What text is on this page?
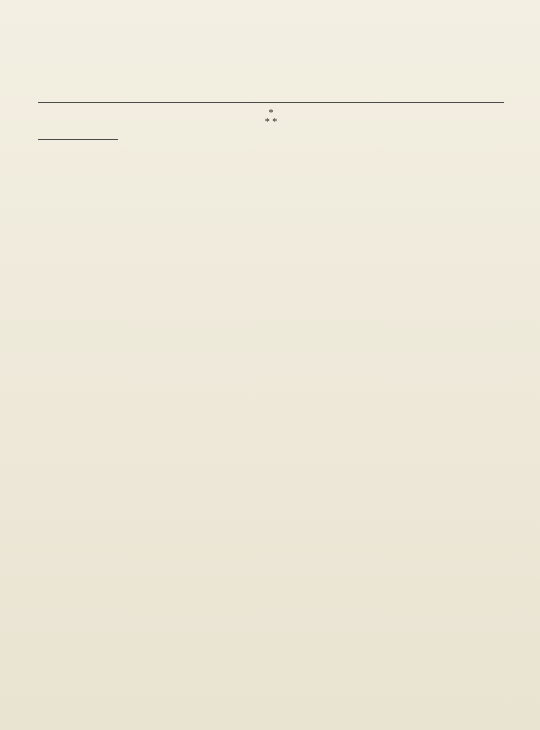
*
* *
